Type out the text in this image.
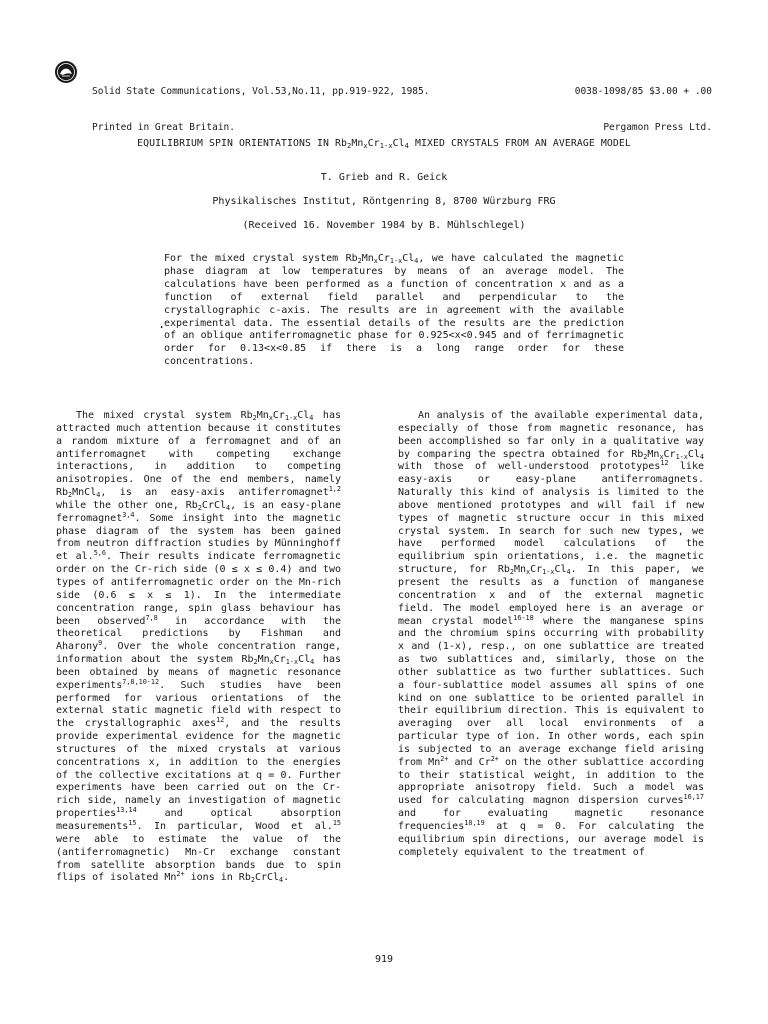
Solid State Communications, Vol.53,No.11, pp.919-922, 1985.

Printed in Great Britain.

0038-1098/85 $3.00 + .00

Pergamon Press Ltd.

EQUILIBRIUM SPIN ORIENTATIONS IN $Rb_2Mn_xCr_{1-x}Cl_4$ MIXED CRYSTALS FROM AN AVERAGE MODEL
T. Grieb and R. Geick
Physikalisches Institut, Röntgenring 8, 8700 Würzburg FRG
(Received 16. November 1984 by B. Mühlschlegel)
.

For the mixed crystal system $Rb_2Mn_xCr_{1-x}Cl_4$, we have calculated the magnetic phase diagram at low temperatures by means of an average model. The calculations have been performed as a function of concentration x and as a function of external field parallel and perpendicular to the crystallographic c-axis. The results are in agreement with the available experimental data. The essential details of the results are the prediction of an oblique antiferromagnetic phase for 0.925<x<0.945 and of ferrimagnetic order for 0.13<x<0.85 if there is a long range order for these concentrations.

The mixed crystal system $Rb_2Mn_xCr_{1-x}Cl_4$ has attracted much attention because it constitutes a random mixture of a ferromagnet and of an antiferromagnet with competing exchange interactions, in addition to competing anisotropies. One of the end members, namely $Rb_2MnCl_4$, is an easy-axis antiferromagnet$^{1,2}$ while the other one, $Rb_2CrCl_4$, is an easy-plane ferromagnet$^{3,4}$. Some insight into the magnetic phase diagram of the system has been gained from neutron diffraction studies by Münninghoff et al.$^{5,6}$. Their results indicate ferromagnetic order on the Cr-rich side (0 ≤ x ≤ 0.4) and two types of antiferromagnetic order on the Mn-rich side (0.6 ≤ x ≤ 1). In the intermediate concentration range, spin glass behaviour has been observed$^{7,8}$ in accordance with the theoretical predictions by Fishman and Aharony$^9$. Over the whole concentration range, information about the system $Rb_2Mn_xCr_{1-x}Cl_4$ has been obtained by means of magnetic resonance experiments$^{7,8,10-12}$. Such studies have been performed for various orientations of the external static magnetic field with respect to the crystallographic axes$^{12}$, and the results provide experimental evidence for the magnetic structures of the mixed crystals at various concentrations x, in addition to the energies of the collective excitations at q = 0. Further experiments have been carried out on the Cr-rich side, namely an investigation of magnetic properties$^{13,14}$ and optical absorption measurements$^{15}$. In particular, Wood et al.$^{15}$ were able to estimate the value of the (antiferromagnetic) Mn-Cr exchange constant from satellite absorption bands due to spin flips of isolated $Mn^{2+}$ ions in $Rb_2CrCl_4$.

An analysis of the available experimental data, especially of those from magnetic resonance, has been accomplished so far only in a qualitative way by comparing the spectra obtained for $Rb_2Mn_xCr_{1-x}Cl_4$ with those of well-understood prototypes$^{12}$ like easy-axis or easy-plane antiferromagnets. Naturally this kind of analysis is limited to the above mentioned prototypes and will fail if new types of magnetic structure occur in this mixed crystal system. In search for such new types, we have performed model calculations of the equilibrium spin orientations, i.e. the magnetic structure, for $Rb_2Mn_xCr_{1-x}Cl_4$. In this paper, we present the results as a function of manganese concentration x and of the external magnetic field. The model employed here is an average or mean crystal model$^{16-18}$ where the manganese spins and the chromium spins occurring with probability x and (1-x), resp., on one sublattice are treated as two sublattices and, similarly, those on the other sublattice as two further sublattices. Such a four-sublattice model assumes all spins of one kind on one sublattice to be oriented parallel in their equilibrium direction. This is equivalent to averaging over all local environments of a particular type of ion. In other words, each spin is subjected to an average exchange field arising from $Mn^{2+}$ and $Cr^{2+}$ on the other sublattice according to their statistical weight, in addition to the appropriate anisotropy field. Such a model was used for calculating magnon dispersion curves$^{16,17}$ and for evaluating magnetic resonance frequencies$^{18,19}$ at q = 0. For calculating the equilibrium spin directions, our average model is completely equivalent to the treatment of

919
